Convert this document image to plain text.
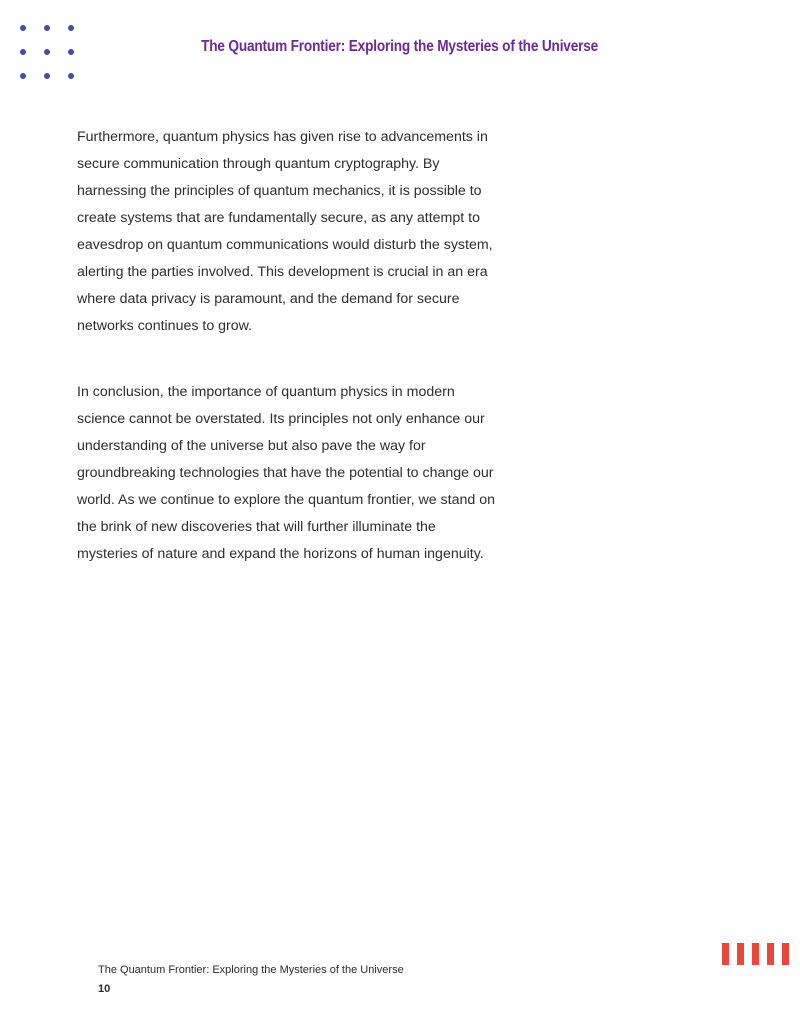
The Quantum Frontier: Exploring the Mysteries of the Universe

Furthermore, quantum physics has given rise to advancements in secure communication through quantum cryptography. By harnessing the principles of quantum mechanics, it is possible to create systems that are fundamentally secure, as any attempt to eavesdrop on quantum communications would disturb the system, alerting the parties involved. This development is crucial in an era where data privacy is paramount, and the demand for secure networks continues to grow.

In conclusion, the importance of quantum physics in modern science cannot be overstated. Its principles not only enhance our understanding of the universe but also pave the way for groundbreaking technologies that have the potential to change our world. As we continue to explore the quantum frontier, we stand on the brink of new discoveries that will further illuminate the mysteries of nature and expand the horizons of human ingenuity.

The Quantum Frontier: Exploring the Mysteries of the Universe
10
